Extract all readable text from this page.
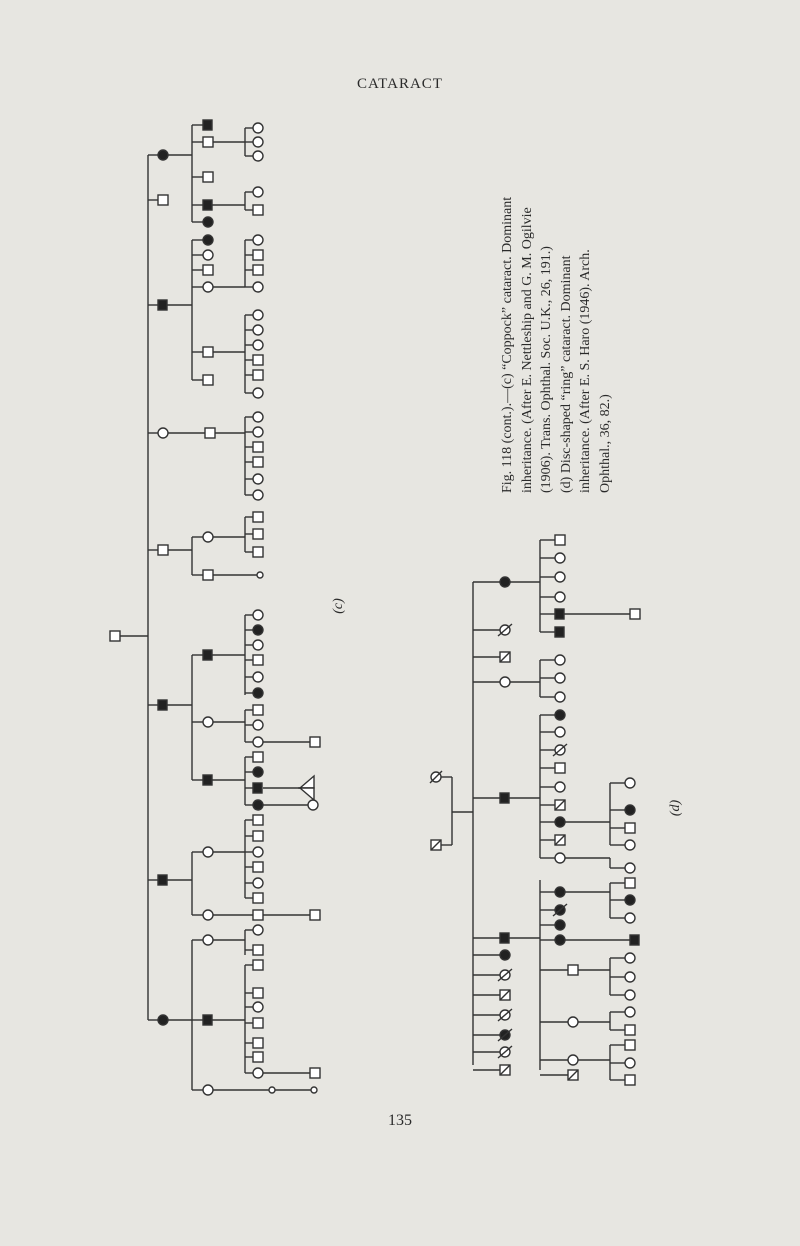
CATARACT
(c)
(d)

Fig. 118 (cont.).—(c) “Coppock” cataract. Dominant inheritance. (After E. Nettleship and G. M. Ogilvie (1906). Trans. Ophthal. Soc. U.K., 26, 191.) (d) Disc-shaped “ring” cataract. Dominant inheritance. (After E. S. Haro (1946). Arch. Ophthal., 36, 82.)

135
